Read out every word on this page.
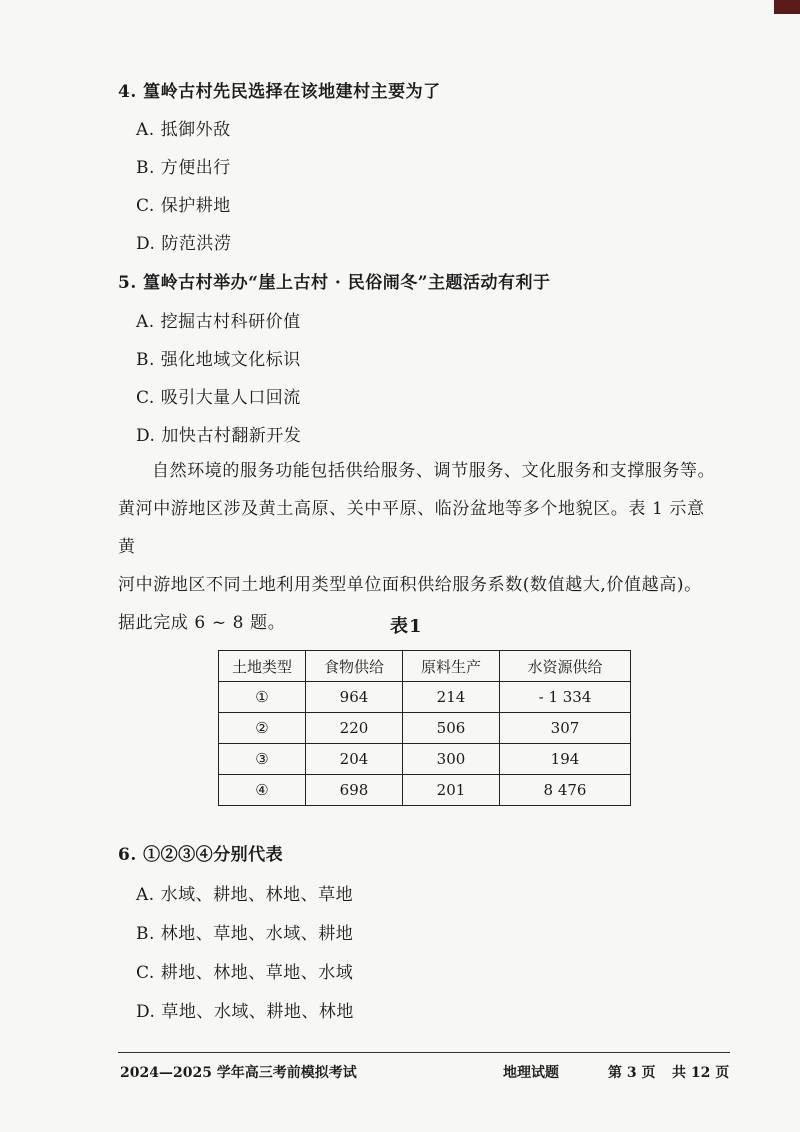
4. 篁岭古村先民选择在该地建村主要为了
A. 抵御外敌
B. 方便出行
C. 保护耕地
D. 防范洪涝
5. 篁岭古村举办“崖上古村 · 民俗闹冬”主题活动有利于
A. 挖掘古村科研价值
B. 强化地域文化标识
C. 吸引大量人口回流
D. 加快古村翻新开发
自然环境的服务功能包括供给服务、调节服务、文化服务和支撑服务等。
黄河中游地区涉及黄土高原、关中平原、临汾盆地等多个地貌区。表 1 示意黄
河中游地区不同土地利用类型单位面积供给服务系数(数值越大,价值越高)。
据此完成 6 ~ 8 题。	表1
土地类型	食物供给	原料生产	水资源供给
①	964	214	- 1 334
②	220	506	307
③	204	300	194
④	698	201	8 476
6. ①②③④分别代表
A. 水域、耕地、林地、草地
B. 林地、草地、水域、耕地
C. 耕地、林地、草地、水域
D. 草地、水域、耕地、林地
2024—2025 学年高三考前模拟考试	地理试题	第 3 页 共 12 页
